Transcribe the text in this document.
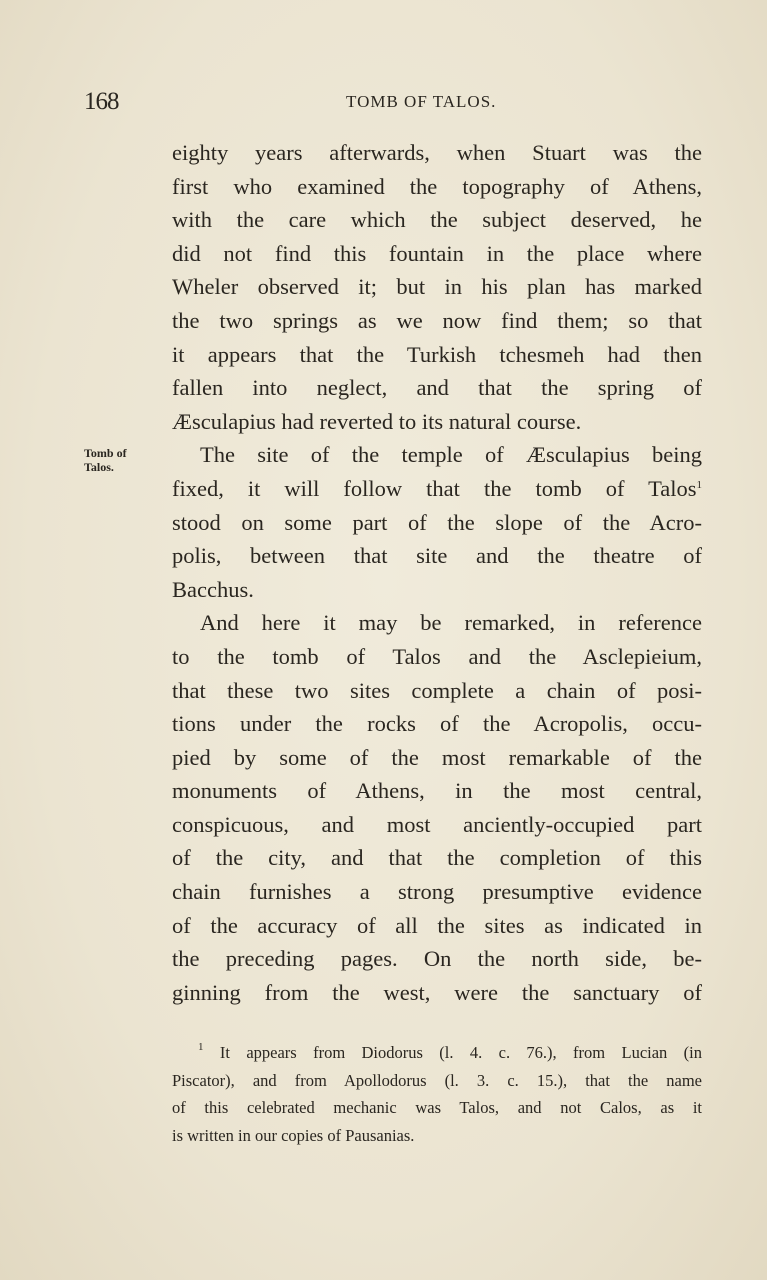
168	TOMB OF TALOS.
Tomb of
Talos.
eighty years afterwards, when Stuart was the
first who examined the topography of Athens,
with the care which the subject deserved, he
did not find this fountain in the place where
Wheler observed it; but in his plan has marked
the two springs as we now find them; so that
it appears that the Turkish tchesmeh had then
fallen into neglect, and that the spring of
Æsculapius had reverted to its natural course.
The site of the temple of Æsculapius being
fixed, it will follow that the tomb of Talos$^1$
stood on some part of the slope of the Acro-
polis, between that site and the theatre of
Bacchus.
And here it may be remarked, in reference
to the tomb of Talos and the Asclepieium,
that these two sites complete a chain of posi-
tions under the rocks of the Acropolis, occu-
pied by some of the most remarkable of the
monuments of Athens, in the most central,
conspicuous, and most anciently-occupied part
of the city, and that the completion of this
chain furnishes a strong presumptive evidence
of the accuracy of all the sites as indicated in
the preceding pages. On the north side, be-
ginning from the west, were the sanctuary of
$^1$ It appears from Diodorus (l. 4. c. 76.), from Lucian (in
Piscator), and from Apollodorus (l. 3. c. 15.), that the name
of this celebrated mechanic was Talos, and not Calos, as it
is written in our copies of Pausanias.
